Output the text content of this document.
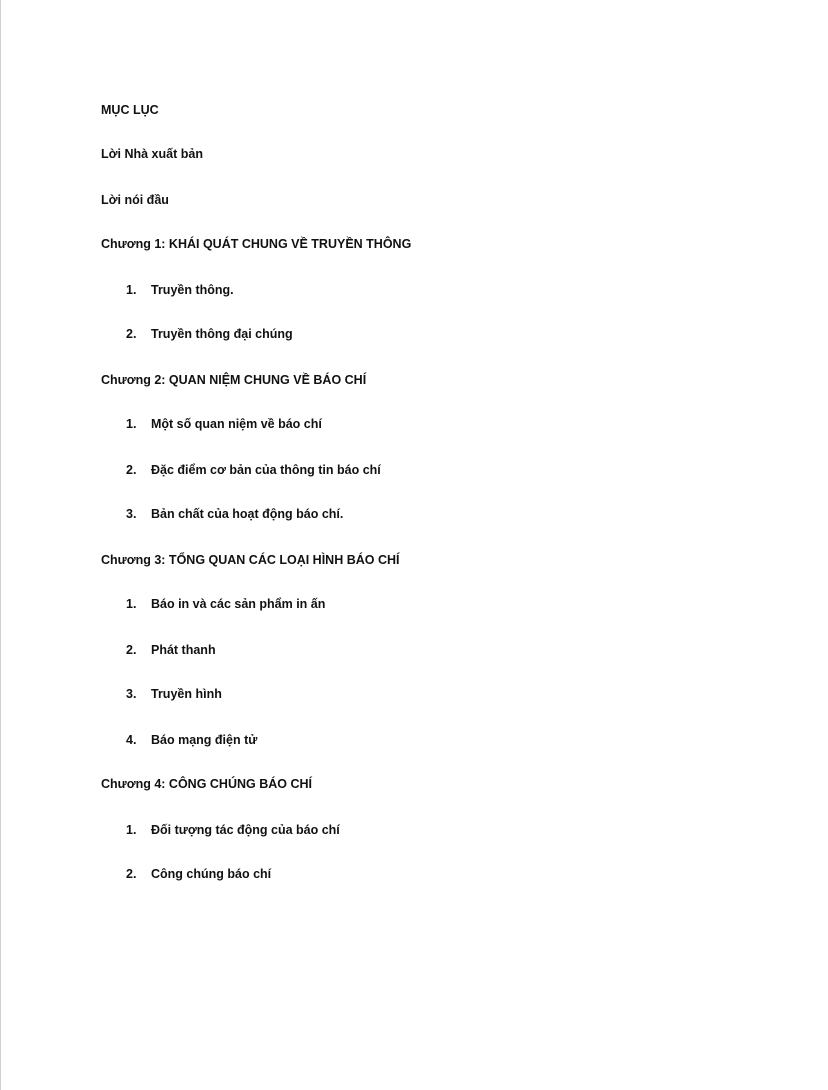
MỤC LỤC
Lời Nhà xuất bản
Lời nói đầu
Chương 1: KHÁI QUÁT CHUNG VỀ TRUYỀN THÔNG
1.	Truyền thông.
2.	Truyền thông đại chúng
Chương 2: QUAN NIỆM CHUNG VỀ BÁO CHÍ
1.	Một số quan niệm về báo chí
2.	Đặc điểm cơ bản của thông tin báo chí
3.	Bản chất của hoạt động báo chí.
Chương 3: TỔNG QUAN CÁC LOẠI HÌNH BÁO CHÍ
1.	Báo in và các sản phẩm in ấn
2.	Phát thanh
3.	Truyền hình
4.	Báo mạng điện tử
Chương 4: CÔNG CHÚNG BÁO CHÍ
1.	Đối tượng tác động của báo chí
2.	Công chúng báo chí
